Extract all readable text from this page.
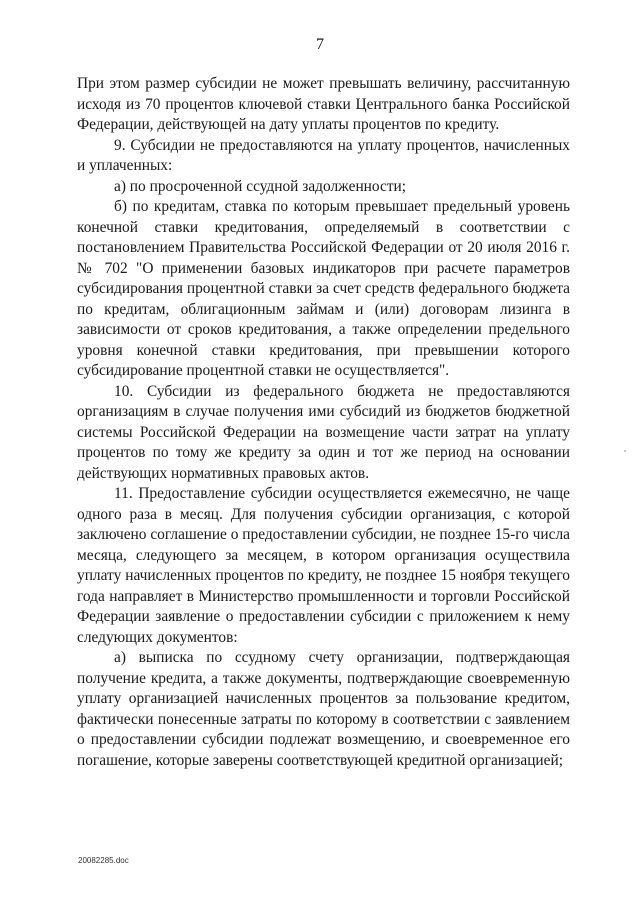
7

При этом размер субсидии не может превышать величину, рассчитанную исходя из 70 процентов ключевой ставки Центрального банка Российской Федерации, действующей на дату уплаты процентов по кредиту.

9. Субсидии не предоставляются на уплату процентов, начисленных и уплаченных:

а) по просроченной ссудной задолженности;

б) по кредитам, ставка по которым превышает предельный уровень конечной ставки кредитования, определяемый в соответствии с постановлением Правительства Российской Федерации от 20 июля 2016 г. № 702 "О применении базовых индикаторов при расчете параметров субсидирования процентной ставки за счет средств федерального бюджета по кредитам, облигационным займам и (или) договорам лизинга в зависимости от сроков кредитования, а также определении предельного уровня конечной ставки кредитования, при превышении которого субсидирование процентной ставки не осуществляется".

10. Субсидии из федерального бюджета не предоставляются организациям в случае получения ими субсидий из бюджетов бюджетной системы Российской Федерации на возмещение части затрат на уплату процентов по тому же кредиту за один и тот же период на основании действующих нормативных правовых актов.

11. Предоставление субсидии осуществляется ежемесячно, не чаще одного раза в месяц. Для получения субсидии организация, с которой заключено соглашение о предоставлении субсидии, не позднее 15-го числа месяца, следующего за месяцем, в котором организация осуществила уплату начисленных процентов по кредиту, не позднее 15 ноября текущего года направляет в Министерство промышленности и торговли Российской Федерации заявление о предоставлении субсидии с приложением к нему следующих документов:

а) выписка по ссудному счету организации, подтверждающая получение кредита, а также документы, подтверждающие своевременную уплату организацией начисленных процентов за пользование кредитом, фактически понесенные затраты по которому в соответствии с заявлением о предоставлении субсидии подлежат возмещению, и своевременное его погашение, которые заверены соответствующей кредитной организацией;

20082285.doc
